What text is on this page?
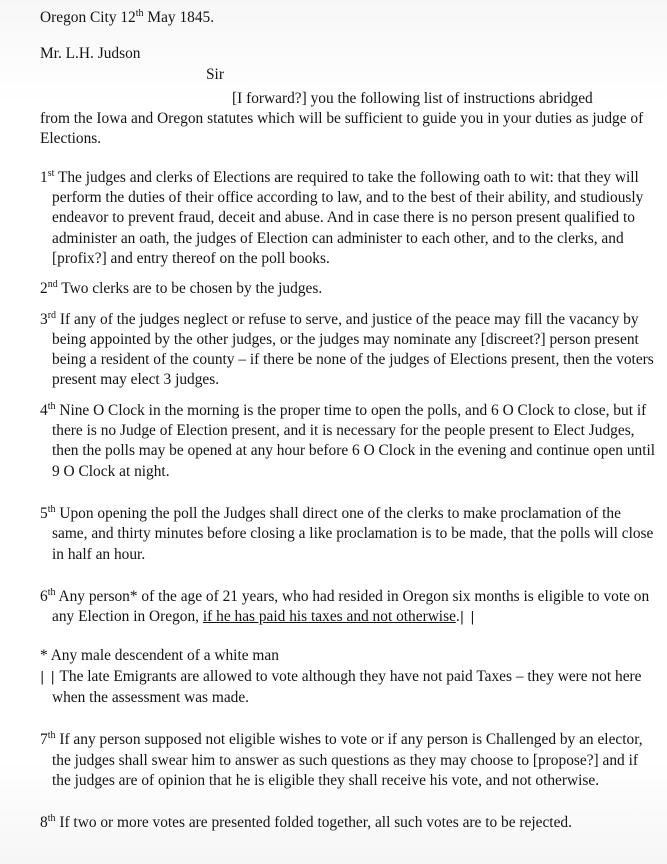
Oregon City 12th May 1845.

Mr. L.H. Judson

Sir

[I forward?] you the following list of instructions abridged
from the Iowa and Oregon statutes which will be sufficient to guide you in your duties as judge of Elections.

1st The judges and clerks of Elections are required to take the following oath to wit: that they will perform the duties of their office according to law, and to the best of their ability, and studiously endeavor to prevent fraud, deceit and abuse. And in case there is no person present qualified to administer an oath, the judges of Election can administer to each other, and to the clerks, and [profix?] and entry thereof on the poll books.

2nd Two clerks are to be chosen by the judges.

3rd If any of the judges neglect or refuse to serve, and justice of the peace may fill the vacancy by being appointed by the other judges, or the judges may nominate any [discreet?] person present being a resident of the county – if there be none of the judges of Elections present, then the voters present may elect 3 judges.

4th Nine O Clock in the morning is the proper time to open the polls, and 6 O Clock to close, but if there is no Judge of Election present, and it is necessary for the people present to Elect Judges, then the polls may be opened at any hour before 6 O Clock in the evening and continue open until 9 O Clock at night.

5th Upon opening the poll the Judges shall direct one of the clerks to make proclamation of the same, and thirty minutes before closing a like proclamation is to be made, that the polls will close in half an hour.

6th Any person* of the age of 21 years, who had resided in Oregon six months is eligible to vote on any Election in Oregon, if he has paid his taxes and not otherwise.| |

* Any male descendent of a white man

| | The late Emigrants are allowed to vote although they have not paid Taxes – they were not here when the assessment was made.

7th If any person supposed not eligible wishes to vote or if any person is Challenged by an elector, the judges shall swear him to answer as such questions as they may choose to [propose?] and if the judges are of opinion that he is eligible they shall receive his vote, and not otherwise.

8th If two or more votes are presented folded together, all such votes are to be rejected.
